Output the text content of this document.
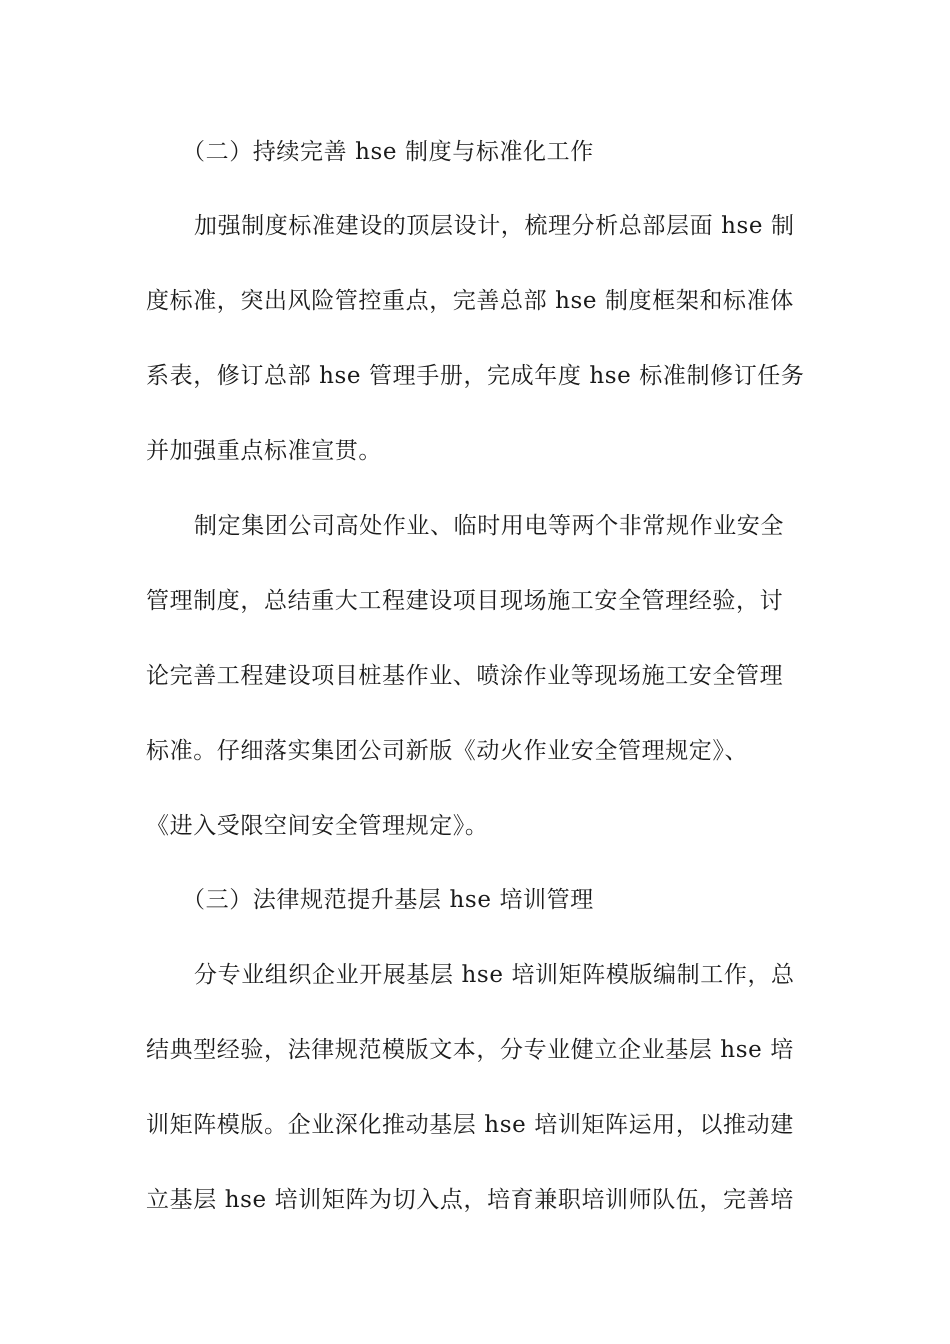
（二）持续完善 hse 制度与标准化工作
加强制度标准建设的顶层设计，梳理分析总部层面 hse 制
度标准，突出风险管控重点，完善总部 hse 制度框架和标准体
系表，修订总部 hse 管理手册，完成年度 hse 标准制修订任务
并加强重点标准宣贯。
制定集团公司高处作业、临时用电等两个非常规作业安全
管理制度，总结重大工程建设项目现场施工安全管理经验，讨
论完善工程建设项目桩基作业、喷涂作业等现场施工安全管理
标准。仔细落实集团公司新版《动火作业安全管理规定》、
《进入受限空间安全管理规定》。
（三）法律规范提升基层 hse 培训管理
分专业组织企业开展基层 hse 培训矩阵模版编制工作，总
结典型经验，法律规范模版文本，分专业健立企业基层 hse 培
训矩阵模版。企业深化推动基层 hse 培训矩阵运用，以推动建
立基层 hse 培训矩阵为切入点，培育兼职培训师队伍，完善培
